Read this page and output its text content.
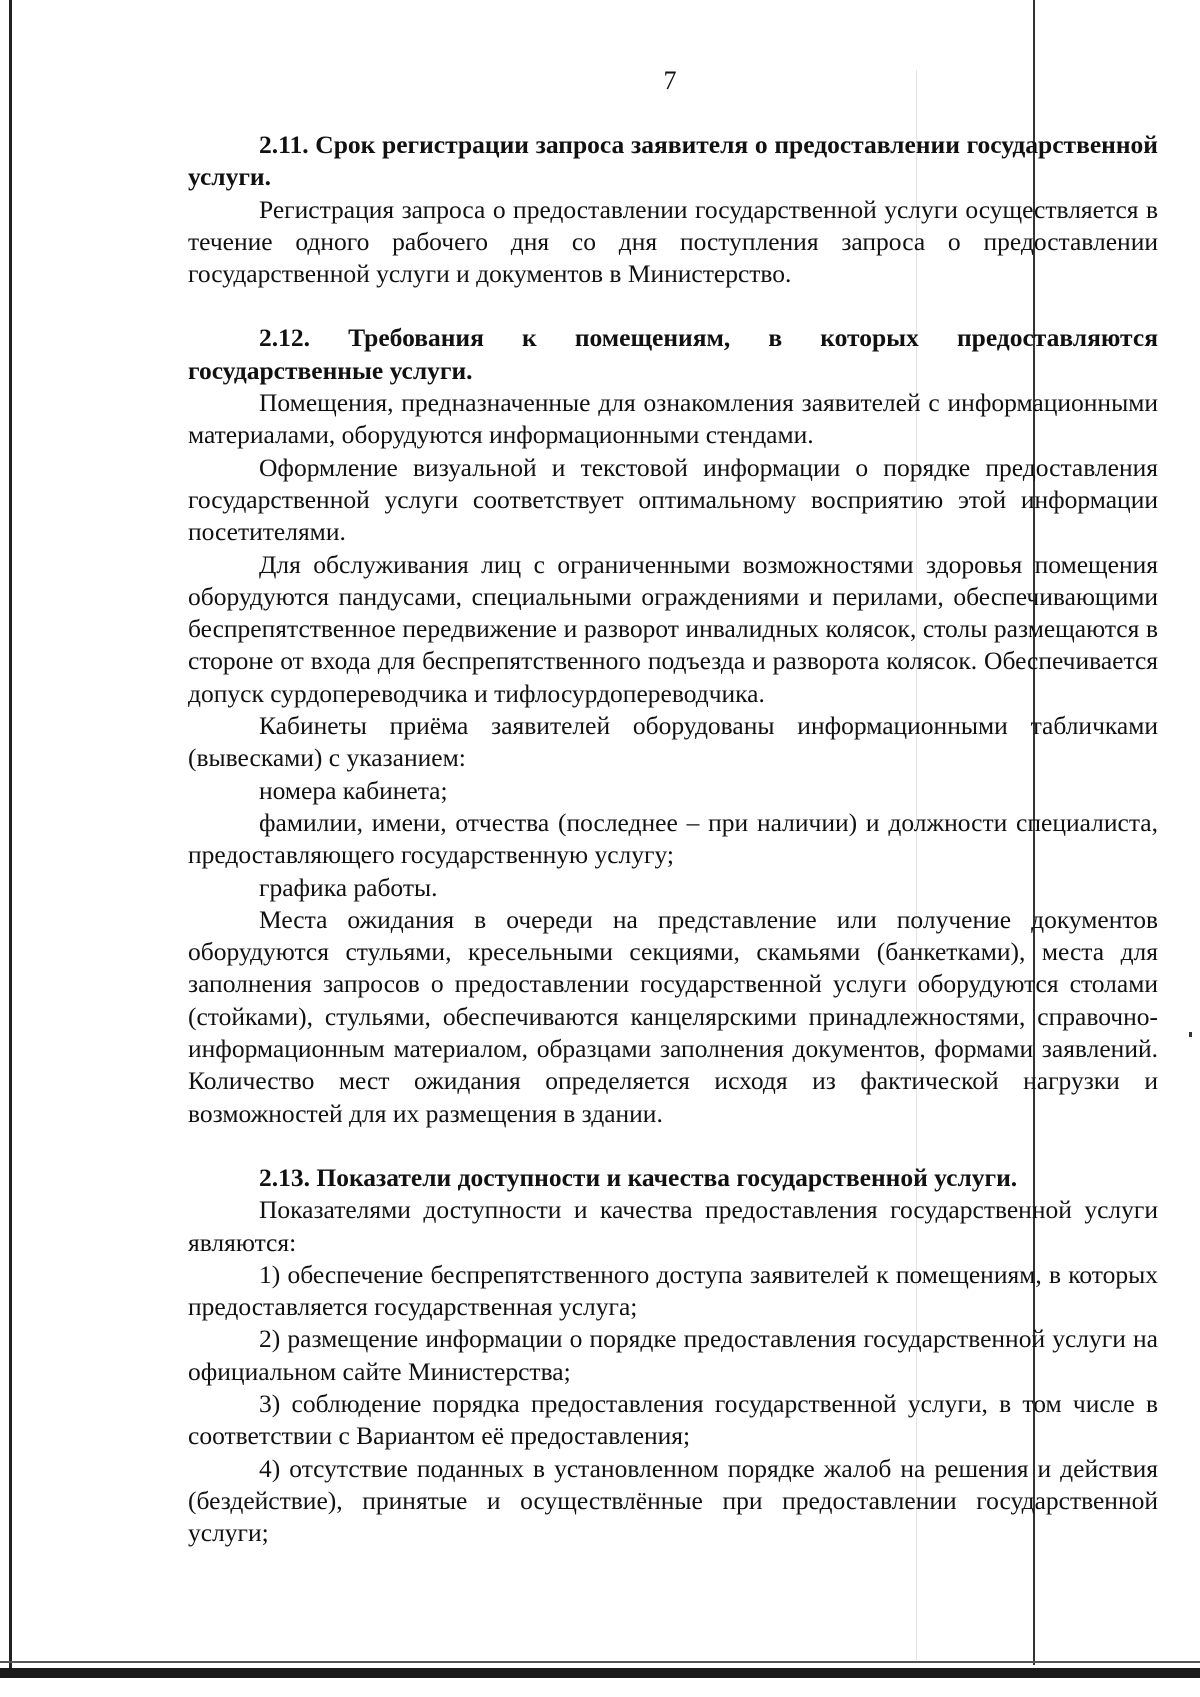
7

2.11. Срок регистрации запроса заявителя о предоставлении государственной услуги.

Регистрация запроса о предоставлении государственной услуги осуществляется в течение одного рабочего дня со дня поступления запроса о предоставлении государственной услуги и документов в Министерство.

2.12. Требования к помещениям, в которых предоставляются государственные услуги.

Помещения, предназначенные для ознакомления заявителей с информационными материалами, оборудуются информационными стендами.

Оформление визуальной и текстовой информации о порядке предоставления государственной услуги соответствует оптимальному восприятию этой информации посетителями.

Для обслуживания лиц с ограниченными возможностями здоровья помещения оборудуются пандусами, специальными ограждениями и перилами, обеспечивающими беспрепятственное передвижение и разворот инвалидных колясок, столы размещаются в стороне от входа для беспрепятственного подъезда и разворота колясок. Обеспечивается допуск сурдопереводчика и тифлосурдопереводчика.

Кабинеты приёма заявителей оборудованы информационными табличками (вывесками) с указанием:

номера кабинета;

фамилии, имени, отчества (последнее – при наличии) и должности специалиста, предоставляющего государственную услугу;

графика работы.

Места ожидания в очереди на представление или получение документов оборудуются стульями, кресельными секциями, скамьями (банкетками), места для заполнения запросов о предоставлении государственной услуги оборудуются столами (стойками), стульями, обеспечиваются канцелярскими принадлежностями, справочно-информационным материалом, образцами заполнения документов, формами заявлений. Количество мест ожидания определяется исходя из фактической нагрузки и возможностей для их размещения в здании.

2.13. Показатели доступности и качества государственной услуги.

Показателями доступности и качества предоставления государственной услуги являются:

1) обеспечение беспрепятственного доступа заявителей к помещениям, в которых предоставляется государственная услуга;

2) размещение информации о порядке предоставления государственной услуги на официальном сайте Министерства;

3) соблюдение порядка предоставления государственной услуги, в том числе в соответствии с Вариантом её предоставления;

4) отсутствие поданных в установленном порядке жалоб на решения и действия (бездействие), принятые и осуществлённые при предоставлении государственной услуги;
